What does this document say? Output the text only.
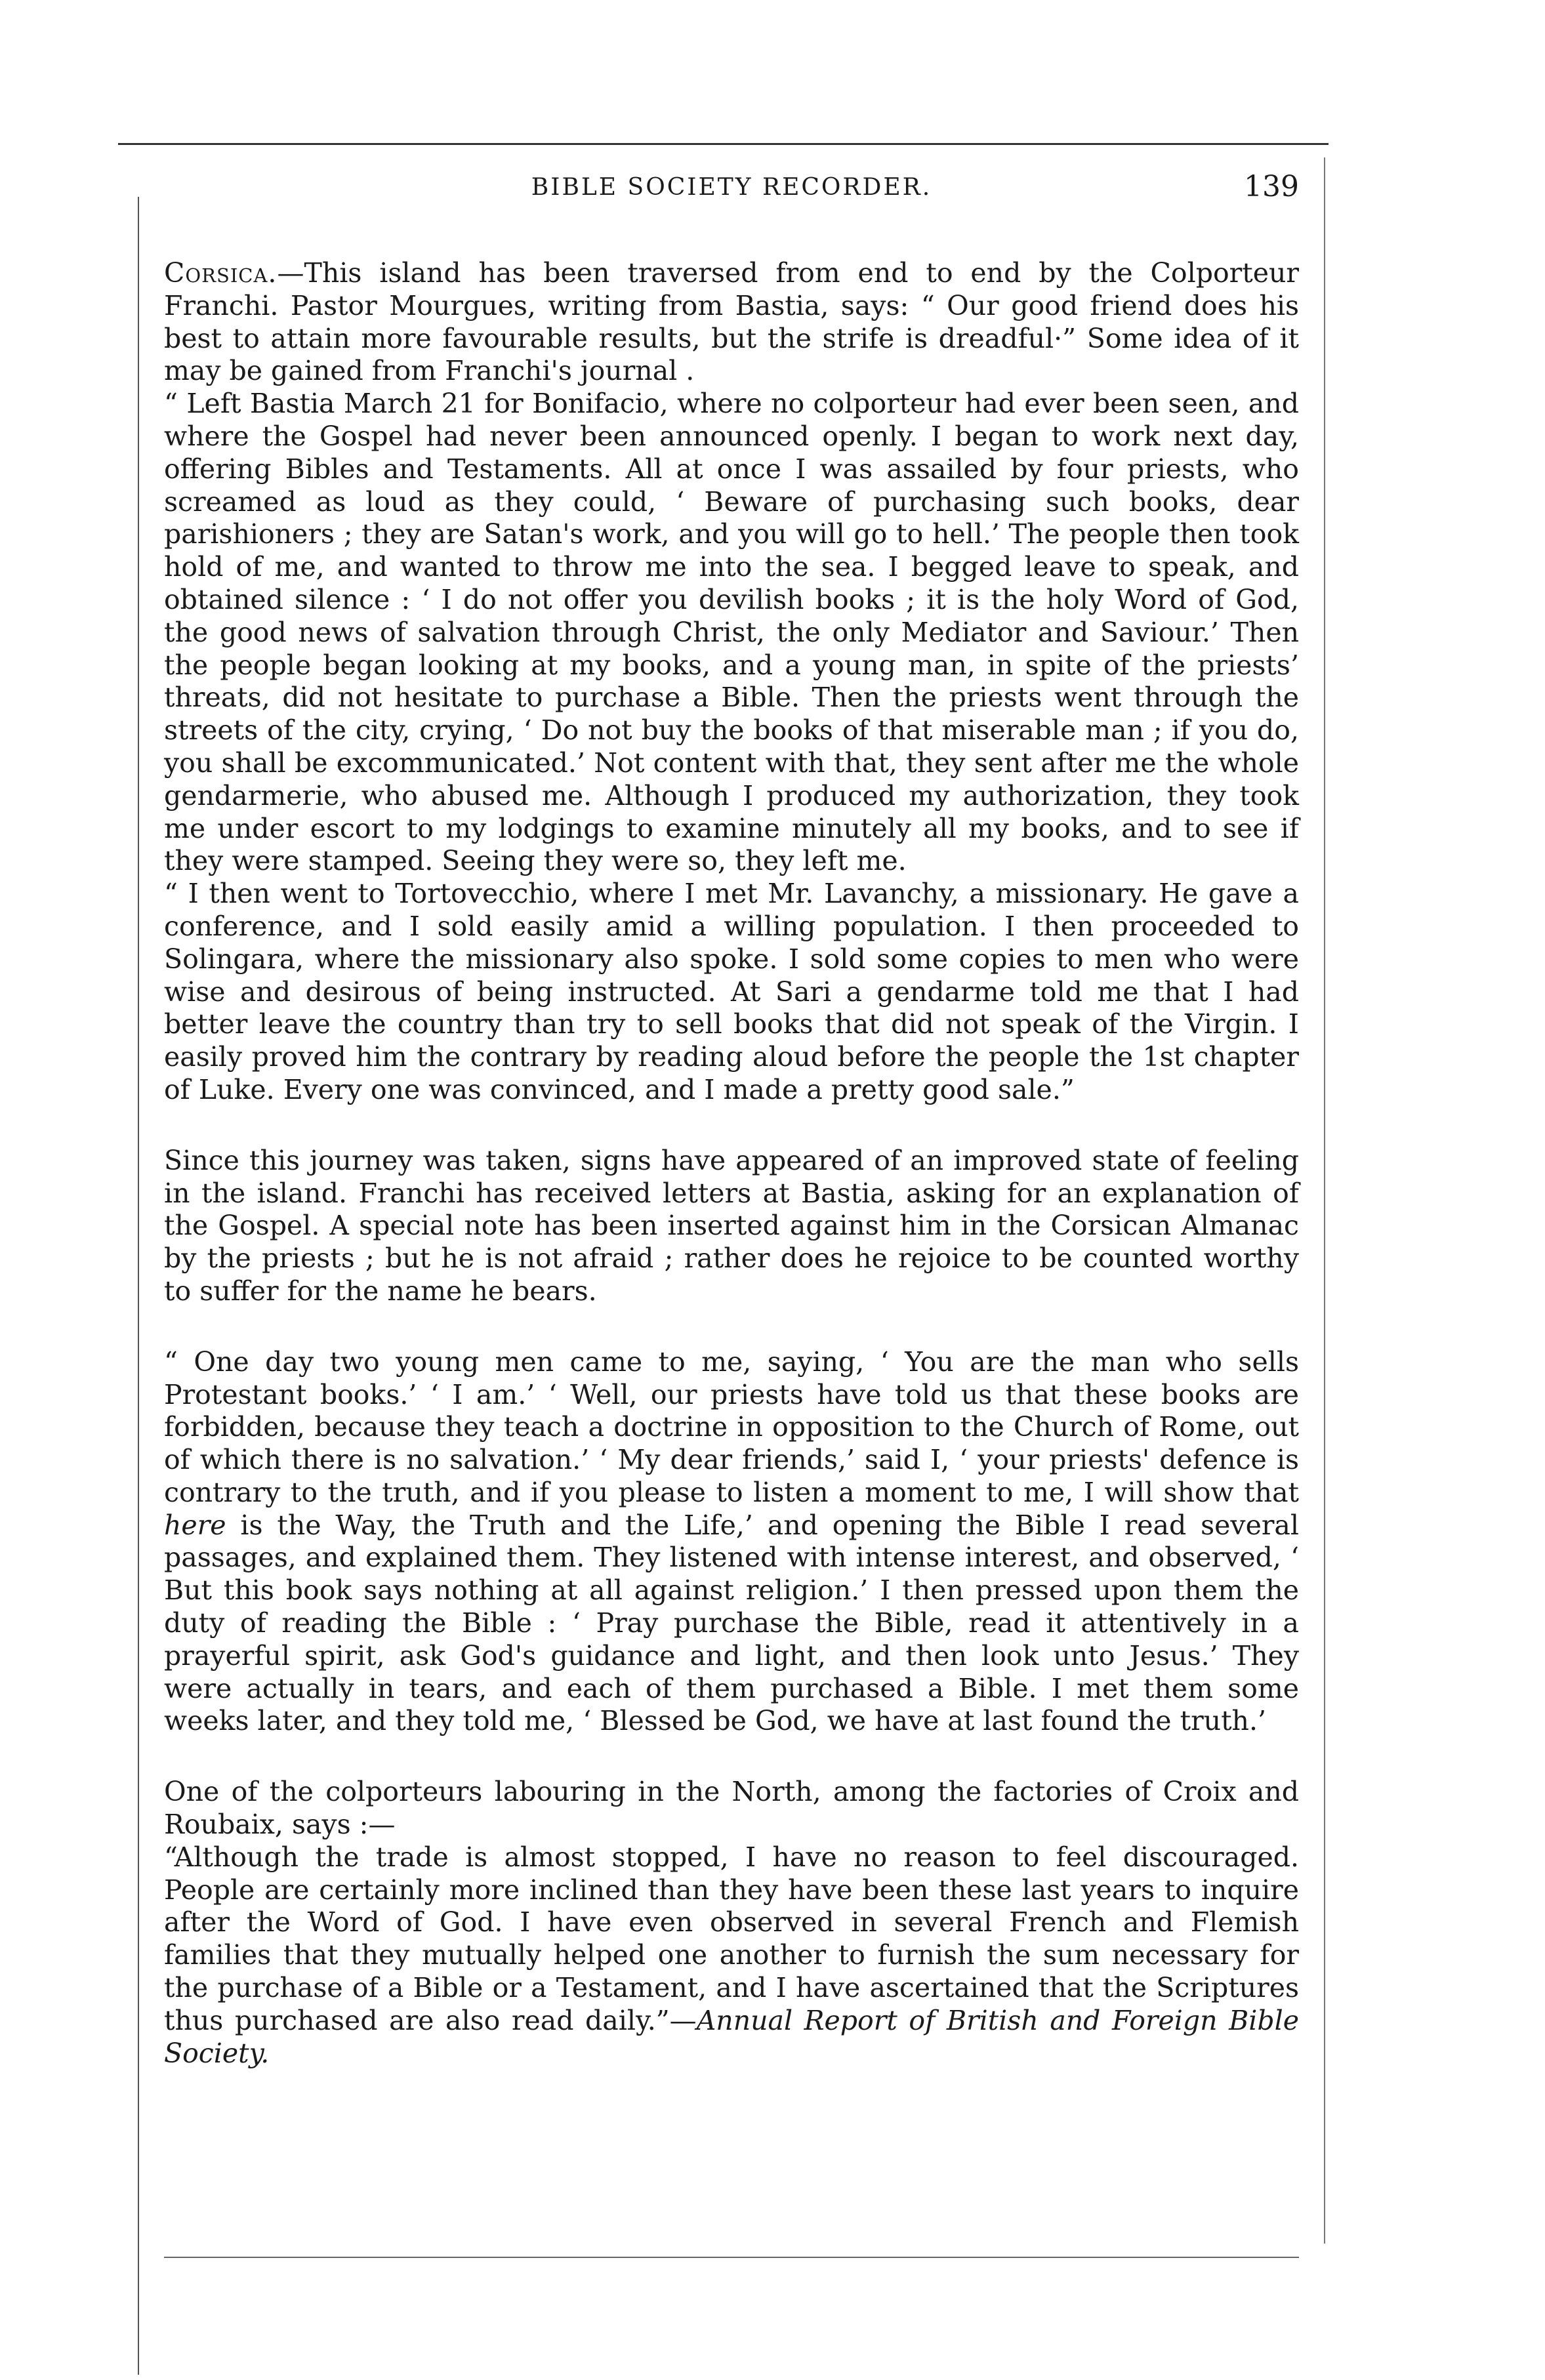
BIBLE SOCIETY RECORDER.	139

Corsica.—This island has been traversed from end to end by the Colporteur Franchi. Pastor Mourgues, writing from Bastia, says: “ Our good friend does his best to attain more favourable results, but the strife is dreadful·” Some idea of it may be gained from Franchi's journal .

“ Left Bastia March 21 for Bonifacio, where no colporteur had ever been seen, and where the Gospel had never been announced openly. I began to work next day, offering Bibles and Testaments. All at once I was assailed by four priests, who screamed as loud as they could, ‘ Beware of purchasing such books, dear parishioners ; they are Satan's work, and you will go to hell.’ The people then took hold of me, and wanted to throw me into the sea. I begged leave to speak, and obtained silence : ‘ I do not offer you devilish books ; it is the holy Word of God, the good news of salvation through Christ, the only Mediator and Saviour.’ Then the people began looking at my books, and a young man, in spite of the priests’ threats, did not hesitate to purchase a Bible. Then the priests went through the streets of the city, crying, ‘ Do not buy the books of that miserable man ; if you do, you shall be excommunicated.’ Not content with that, they sent after me the whole gendarmerie, who abused me. Although I produced my authorization, they took me under escort to my lodgings to examine minutely all my books, and to see if they were stamped. Seeing they were so, they left me.

“ I then went to Tortovecchio, where I met Mr. Lavanchy, a missionary. He gave a conference, and I sold easily amid a willing population. I then proceeded to Solingara, where the missionary also spoke. I sold some copies to men who were wise and desirous of being instructed. At Sari a gendarme told me that I had better leave the country than try to sell books that did not speak of the Virgin. I easily proved him the contrary by reading aloud before the people the 1st chapter of Luke. Every one was convinced, and I made a pretty good sale.”

Since this journey was taken, signs have appeared of an improved state of feeling in the island. Franchi has received letters at Bastia, asking for an explanation of the Gospel. A special note has been inserted against him in the Corsican Almanac by the priests ; but he is not afraid ; rather does he rejoice to be counted worthy to suffer for the name he bears.

“ One day two young men came to me, saying, ‘ You are the man who sells Protestant books.’ ‘ I am.’ ‘ Well, our priests have told us that these books are forbidden, because they teach a doctrine in opposition to the Church of Rome, out of which there is no salvation.’ ‘ My dear friends,’ said I, ‘ your priests' defence is contrary to the truth, and if you please to listen a moment to me, I will show that here is the Way, the Truth and the Life,’ and opening the Bible I read several passages, and explained them. They listened with intense interest, and observed, ‘ But this book says nothing at all against religion.’ I then pressed upon them the duty of reading the Bible : ‘ Pray purchase the Bible, read it attentively in a prayerful spirit, ask God's guidance and light, and then look unto Jesus.’ They were actually in tears, and each of them purchased a Bible. I met them some weeks later, and they told me, ‘ Blessed be God, we have at last found the truth.’

One of the colporteurs labouring in the North, among the factories of Croix and Roubaix, says :—

“Although the trade is almost stopped, I have no reason to feel discouraged. People are certainly more inclined than they have been these last years to inquire after the Word of God. I have even observed in several French and Flemish families that they mutually helped one another to furnish the sum necessary for the purchase of a Bible or a Testament, and I have ascertained that the Scriptures thus purchased are also read daily.”—Annual Report of British and Foreign Bible Society.
